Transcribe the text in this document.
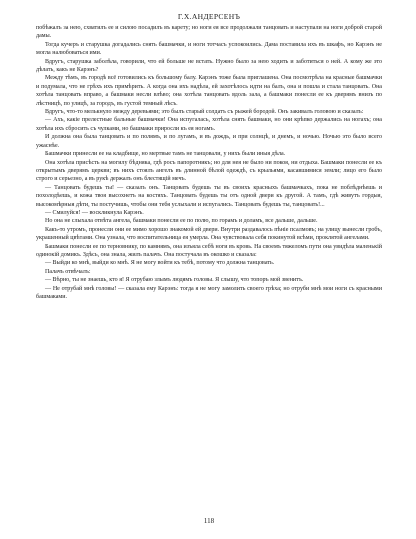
Г.Х.АНДЕРСЕНЪ

побѣжалъ за нею, схватилъ ее и силою посадилъ въ карету; но ноги ея все продолжали танцовать и наступали на ноги доброй старой дамы.

Тогда кучеръ и старушка догадались снять башмачки, и ноги тотчасъ успокоились. Дама поставила ихъ въ шкафъ, но Карэнъ не могла налюбоваться ими.

Вдругъ, старушка заболѣла, говорили, что ей больше не встать. Нужно было за нею ходить и заботиться о ней. А кому же это дѣлать, какъ не Карэнъ?

Между тѣмъ, въ городѣ всё готовились къ большому балу. Карэнъ тоже была приглашена. Она посмотрѣла на красные башмачки и подумала, что не грѣхъ ихъ примѣрить. А когда она ихъ надѣла, ей захотѣлось идти на балъ, она и пошла и стала танцовать. Она хотѣла танцовать вправо, а башмаки несли влѣво; она хотѣла танцовать вдоль зала, а башмаки понесли ее къ дверямъ внизъ по лѣстницѣ, по улицѣ, за городъ, въ густой темный лѣсъ.

Вдругъ, что-то мелькнуло между деревьями; это былъ старый солдатъ съ рыжей бородой. Онъ закивалъ головою и сказалъ:

— Ахъ, какіе прелестные бальные башмачки! Она испугалась, хотѣла снять башмаки, но они крѣпко держались на ногахъ; она хотѣла ихъ сбросить съ чулками, но башмаки приросли къ ея ногамъ.

И должна она была танцовать и по полямъ, и по лугамъ, и въ дождь, и при солнцѣ, и днемъ, и ночью. Ночью это было всего ужаснѣе.

Башмачки принесли ее на кладбище, но мертвые тамъ не танцовали, у нихъ были иныя дѣла.

Она хотѣла присѣсть на могилу бѣдняка, гдѣ росъ папоротникъ; но для нея не было ни покоя, ни отдыха. Башмаки понесли ее къ открытымъ дверямъ церкви; въ нихъ стоялъ ангелъ въ длинной бѣлой одеждѣ, съ крыльями, касавшимися земли; лицо его было строго и серьезно, а въ рукѣ держалъ онъ блестящій мечъ.

— Танцовать будешь ты! — сказалъ онъ. Танцовать будешь ты въ своихъ красныхъ башмачкахъ, пока не поблѣднѣешь и похолодѣешь, и кожа твоя высохнетъ на костяхъ. Танцовать будешь ты отъ одной двери къ другой. А тамъ, гдѣ живутъ гордыя, высокомѣрныя дѣти, ты постучишь, чтобы они тебя услыхали и испугались. Танцовать будешь ты, танцовать!...

— Смилуйся! — воскликнула Карэнъ.

Но она не слыхала отвѣта ангела, башмаки понесли ее по полю, по горамъ и доламъ, все дальше, дальше.

Какъ-то утромъ, пронесли они ее мимо хорошо знакомой ей двери. Внутри раздавалось пѣніе псалмовъ; на улицу вынесли гробъ, украшенный цвѣтами. Она узнала, что воспитательница ея умерла. Она чувствовала себя покинутой всѣми, проклятой ангелами.

Башмаки понесли ее по терновнику, по камнямъ, она изъяла себѣ ноги въ кровь. На своемъ тяжеломъ пути она увидѣла маленькій одинокій домикъ. Здѣсь, она знала, жилъ палачъ. Она постучала въ окошко и сказала:

— Выйди ко мнѣ, выйди ко мнѣ. Я не могу войти къ тебѣ, потому что должна танцовать.

Палачъ отвѣчалъ:

— Вѣрно, ты не знаешь, кто я! Я отрубаю злымъ людямъ головы. Я слышу, что топоръ мой звенитъ.

— Не отрубай мнѣ головы! — сказала ему Карэнъ: тогда я не могу замолить своего грѣха; но отруби мнѣ мои ноги съ красными башмаками.

118
